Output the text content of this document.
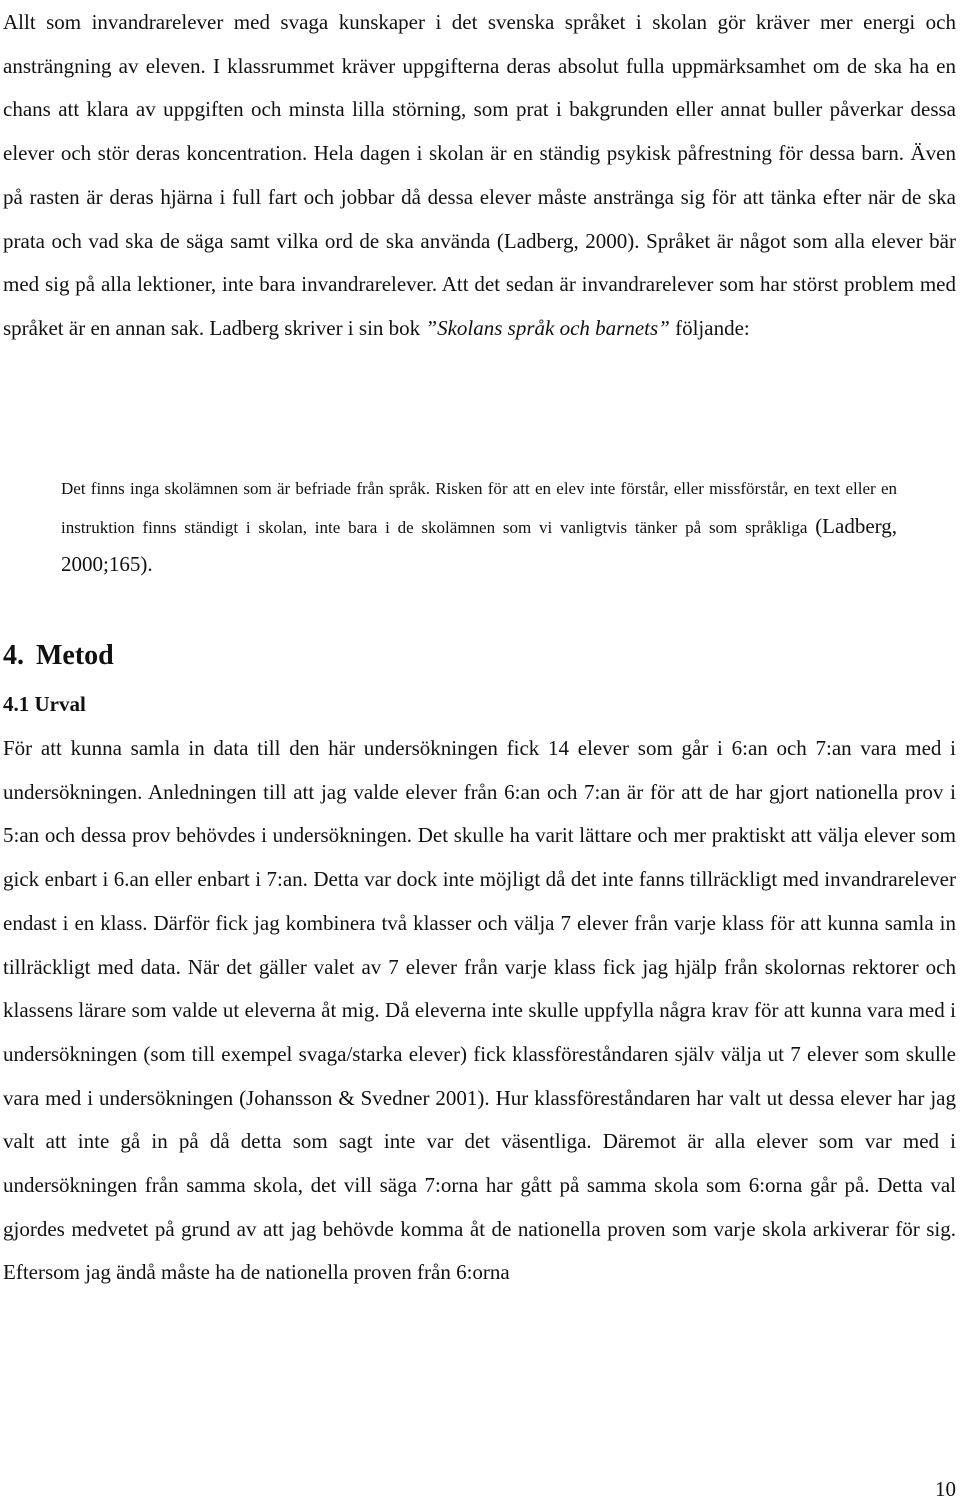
Allt som invandrarelever med svaga kunskaper i det svenska språket i skolan gör kräver mer energi och ansträngning av eleven. I klassrummet kräver uppgifterna deras absolut fulla uppmärksamhet om de ska ha en chans att klara av uppgiften och minsta lilla störning, som prat i bakgrunden eller annat buller påverkar dessa elever och stör deras koncentration. Hela dagen i skolan är en ständig psykisk påfrestning för dessa barn. Även på rasten är deras hjärna i full fart och jobbar då dessa elever måste anstränga sig för att tänka efter när de ska prata och vad ska de säga samt vilka ord de ska använda (Ladberg, 2000). Språket är något som alla elever bär med sig på alla lektioner, inte bara invandrarelever. Att det sedan är invandrarelever som har störst problem med språket är en annan sak. Ladberg skriver i sin bok ”Skolans språk och barnets” följande:

Det finns inga skolämnen som är befriade från språk. Risken för att en elev inte förstår, eller missförstår, en text eller en instruktion finns ständigt i skolan, inte bara i de skolämnen som vi vanligtvis tänker på som språkliga (Ladberg, 2000;165).

4. Metod
4.1 Urval

För att kunna samla in data till den här undersökningen fick 14 elever som går i 6:an och 7:an vara med i undersökningen. Anledningen till att jag valde elever från 6:an och 7:an är för att de har gjort nationella prov i 5:an och dessa prov behövdes i undersökningen. Det skulle ha varit lättare och mer praktiskt att välja elever som gick enbart i 6.an eller enbart i 7:an. Detta var dock inte möjligt då det inte fanns tillräckligt med invandrarelever endast i en klass. Därför fick jag kombinera två klasser och välja 7 elever från varje klass för att kunna samla in tillräckligt med data. När det gäller valet av 7 elever från varje klass fick jag hjälp från skolornas rektorer och klassens lärare som valde ut eleverna åt mig. Då eleverna inte skulle uppfylla några krav för att kunna vara med i undersökningen (som till exempel svaga/starka elever) fick klassföreståndaren själv välja ut 7 elever som skulle vara med i undersökningen (Johansson & Svedner 2001). Hur klassföreståndaren har valt ut dessa elever har jag valt att inte gå in på då detta som sagt inte var det väsentliga. Däremot är alla elever som var med i undersökningen från samma skola, det vill säga 7:orna har gått på samma skola som 6:orna går på. Detta val gjordes medvetet på grund av att jag behövde komma åt de nationella proven som varje skola arkiverar för sig. Eftersom jag ändå måste ha de nationella proven från 6:orna

10
